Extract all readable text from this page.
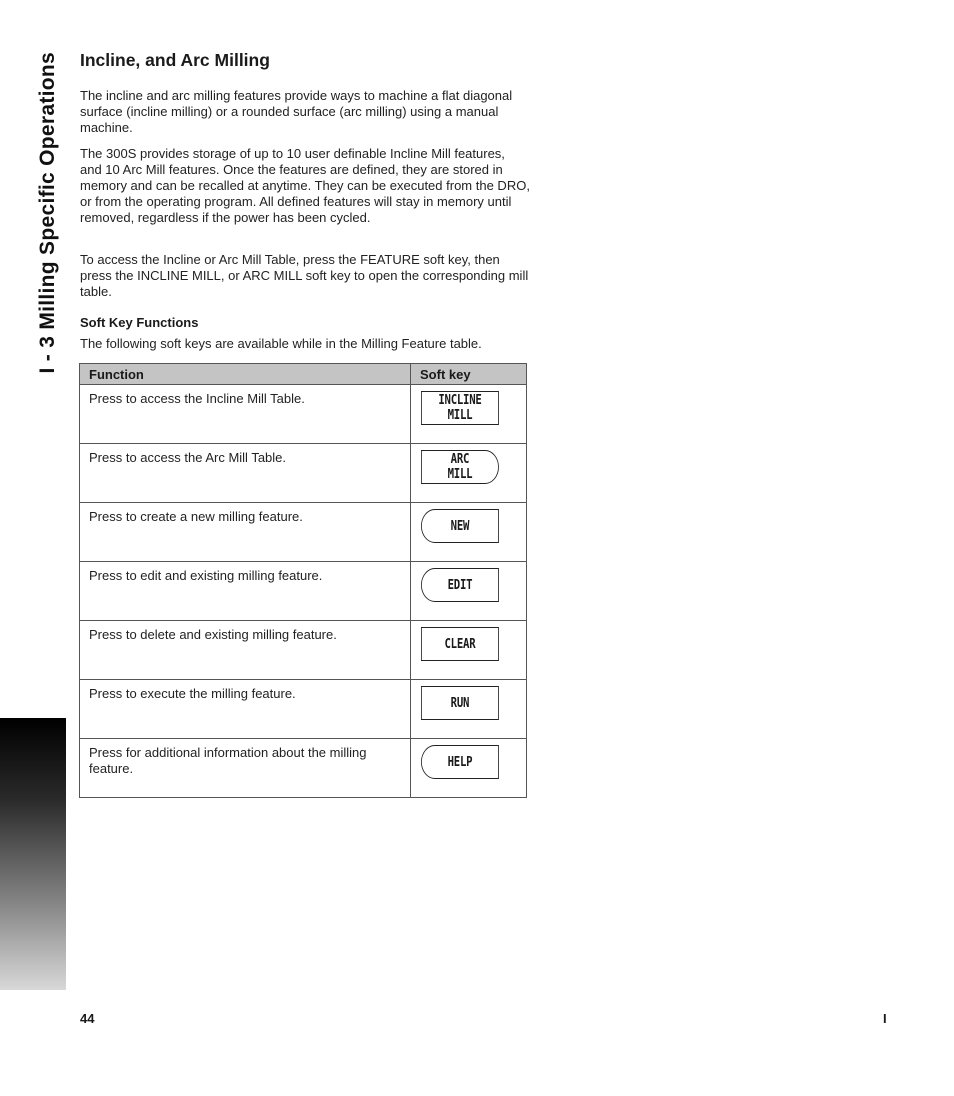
I - 3 Milling Specific Operations Incline, and Arc Milling

The incline and arc milling features provide ways to machine a flat diagonal surface (incline milling) or a rounded surface (arc milling) using a manual machine.

The 300S provides storage of up to 10 user definable Incline Mill features, and 10 Arc Mill features. Once the features are defined, they are stored in memory and can be recalled at anytime. They can be executed from the DRO, or from the operating program. All defined features will stay in memory until removed, regardless if the power has been cycled.

To access the Incline or Arc Mill Table, press the FEATURE soft key, then press the INCLINE MILL, or ARC MILL soft key to open the corresponding mill table.

Soft Key Functions

The following soft keys are available while in the Milling Feature table.

Function	Soft key
Press to access the Incline Mill Table.	INCLINE
MILL

Press to access the Arc Mill Table.	ARC
MILL

Press to create a new milling feature.	NEW

Press to edit and existing milling feature.	EDIT

Press to delete and existing milling feature.	CLEAR

Press to execute the milling feature.	RUN

Press for additional information about the milling feature.	HELP
44	I
